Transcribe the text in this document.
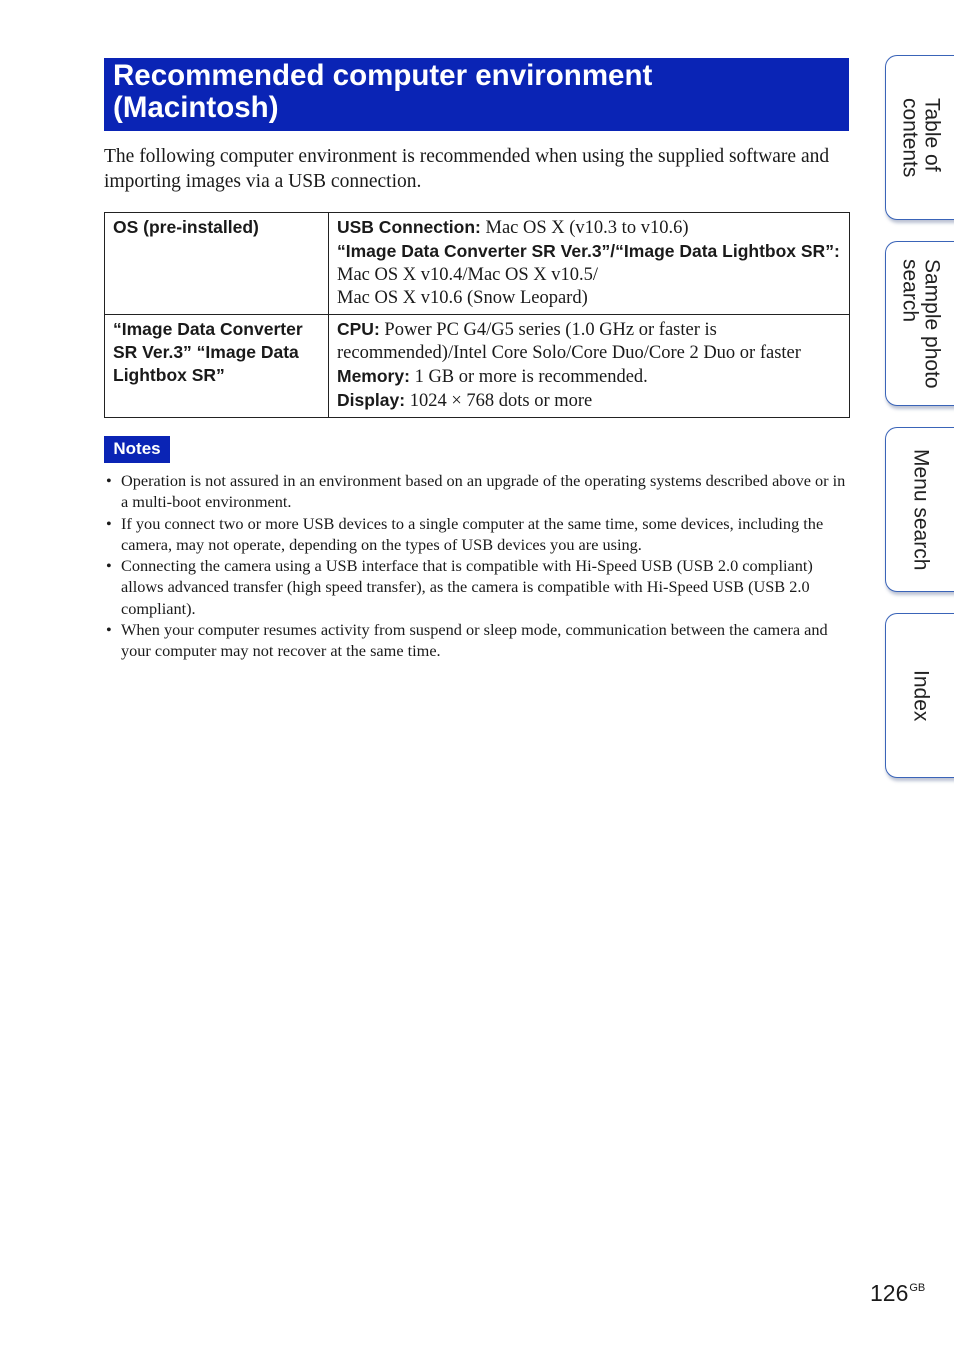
Recommended computer environment
(Macintosh)

The following computer environment is recommended when using the supplied software and importing images via a USB connection.

OS (pre-installed)	USB Connection: Mac OS X (v10.3 to v10.6)
“Image Data Converter SR Ver.3”/“Image Data Lightbox SR”: Mac OS X v10.4/Mac OS X v10.5/
Mac OS X v10.6 (Snow Leopard)
“Image Data Converter SR Ver.3” “Image Data Lightbox SR”	CPU: Power PC G4/G5 series (1.0 GHz or faster is recommended)/Intel Core Solo/Core Duo/Core 2 Duo or faster
Memory: 1 GB or more is recommended.
Display: 1024 × 768 dots or more
Notes
• Operation is not assured in an environment based on an upgrade of the operating systems described above or in a multi-boot environment.
• If you connect two or more USB devices to a single computer at the same time, some devices, including the camera, may not operate, depending on the types of USB devices you are using.
• Connecting the camera using a USB interface that is compatible with Hi-Speed USB (USB 2.0 compliant) allows advanced transfer (high speed transfer), as the camera is compatible with Hi-Speed USB (USB 2.0 compliant).
• When your computer resumes activity from suspend or sleep mode, communication between the camera and your computer may not recover at the same time.
Table of
contents
Sample photo
search
Menu search
Index
$126^{GB}$
